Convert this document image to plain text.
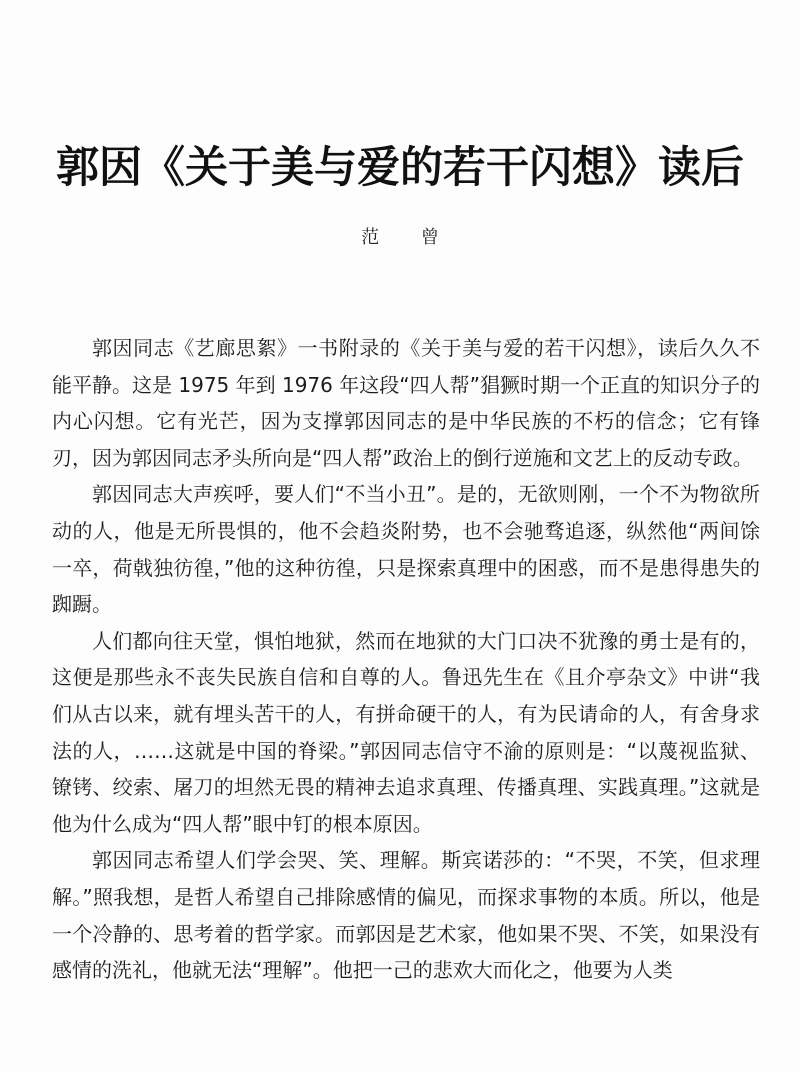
郭因《关于美与爱的若干闪想》读后
范 曾

郭因同志《艺廊思絮》一书附录的《关于美与爱的若干闪想》，读后久久不能平静。这是 1975 年到 1976 年这段“四人帮”猖獗时期一个正直的知识分子的内心闪想。它有光芒，因为支撑郭因同志的是中华民族的不朽的信念；它有锋刃，因为郭因同志矛头所向是“四人帮”政治上的倒行逆施和文艺上的反动专政。

郭因同志大声疾呼，要人们“不当小丑”。是的，无欲则刚，一个不为物欲所动的人，他是无所畏惧的，他不会趋炎附势，也不会驰骛追逐，纵然他“两间馀一卒，荷戟独彷徨，”他的这种彷徨，只是探索真理中的困惑，而不是患得患失的踟蹰。

人们都向往天堂，惧怕地狱，然而在地狱的大门口决不犹豫的勇士是有的，这便是那些永不丧失民族自信和自尊的人。鲁迅先生在《且介亭杂文》中讲“我们从古以来，就有埋头苦干的人，有拼命硬干的人，有为民请命的人，有舍身求法的人，……这就是中国的脊梁。”郭因同志信守不渝的原则是：“以蔑视监狱、镣铐、绞索、屠刀的坦然无畏的精神去追求真理、传播真理、实践真理。”这就是他为什么成为“四人帮”眼中钉的根本原因。

郭因同志希望人们学会哭、笑、理解。斯宾诺莎的：“不哭，不笑，但求理解。”照我想，是哲人希望自己排除感情的偏见，而探求事物的本质。所以，他是一个冷静的、思考着的哲学家。而郭因是艺术家，他如果不哭、不笑，如果没有感情的洗礼，他就无法“理解”。他把一己的悲欢大而化之，他要为人类
